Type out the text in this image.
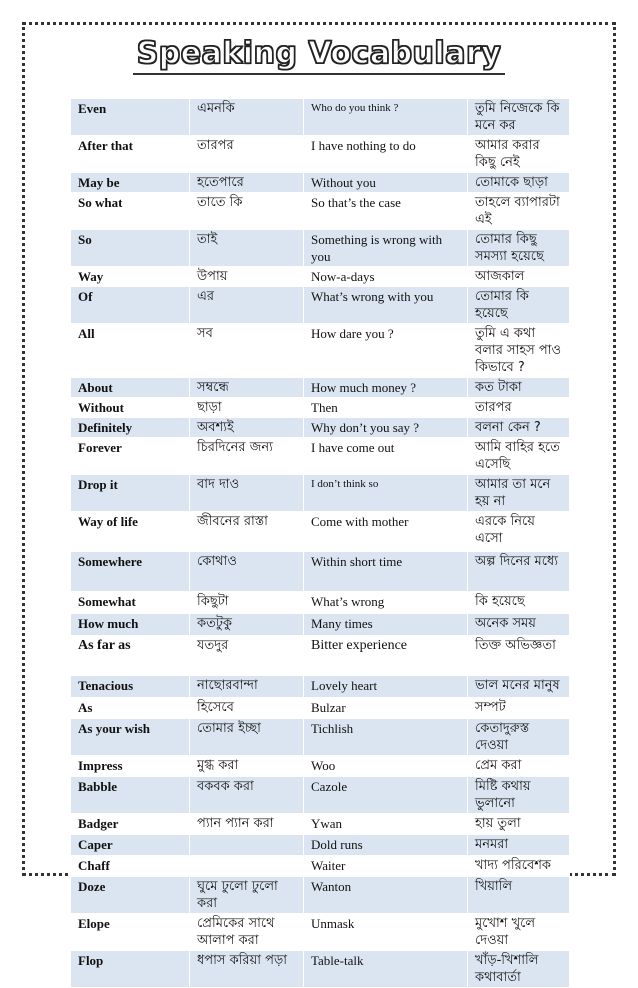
Speaking Vocabulary
Even	এমনকি	Who do you think ?	তুমি নিজেকে কি মনে কর
After that	তারপর	I have nothing to do	আমার করার কিছু নেই
May be	হতেপারে	Without you	তোমাকে ছাড়া
So what	তাতে কি	So that’s the case	তাহলে ব্যাপারটা এই
So	তাই	Something is wrong with you	তোমার কিছু সমস্যা হয়েছে
Way	উপায়	Now-a-days	আজকাল
Of	এর	What’s wrong with you	তোমার কি হয়েছে
All	সব	How dare you ?	তুমি এ কথা বলার সাহস পাও কিভাবে ?
About	সম্বন্ধে	How much money ?	কত টাকা
Without	ছাড়া	Then	তারপর
Definitely	অবশ্যই	Why don’t you say ?	বলনা কেন ?
Forever	চিরদিনের জন্য	I have come out	আমি বাহির হতে এসেছি
Drop it	বাদ দাও	I don’t think so	আমার তা মনে হয় না
Way of life	জীবনের রাস্তা	Come with mother	এরকে নিয়ে এসো
Somewhere	কোথাও	Within short time	অল্প দিনের মধ্যে
Somewhat	কিছুটা	What’s wrong	কি হয়েছে
How much	কতটুকু	Many times	অনেক সময়
As far as	যতদুর	Bitter experience	তিক্ত অভিজ্ঞতা
Tenacious	নাছোরবান্দা	Lovely heart	ভাল মনের মানুষ
As	হিসেবে	Bulzar	সম্পট
As your wish	তোমার ইচ্ছা	Tichlish	কেতাদুরুস্ত দেওয়া
Impress	মুগ্ধ করা	Woo	প্রেম করা
Babble	বকবক করা	Cazole	মিষ্টি কথায় ভুলানো
Badger	প্যান প্যান করা	Ywan	হায় তুলা
Caper		Dold runs	মনমরা
Chaff		Waiter	খাদ্য পরিবেশক
Doze	ঘুমে ঢুলো ঢুলো করা	Wanton	খিয়ালি
Elope	প্রেমিকের সাথে আলাপ করা	Unmask	মুখোশ খুলে দেওয়া
Flop	ধপাস করিয়া পড়া	Table-talk	খাঁড়-খিশালি কথাবার্তা
